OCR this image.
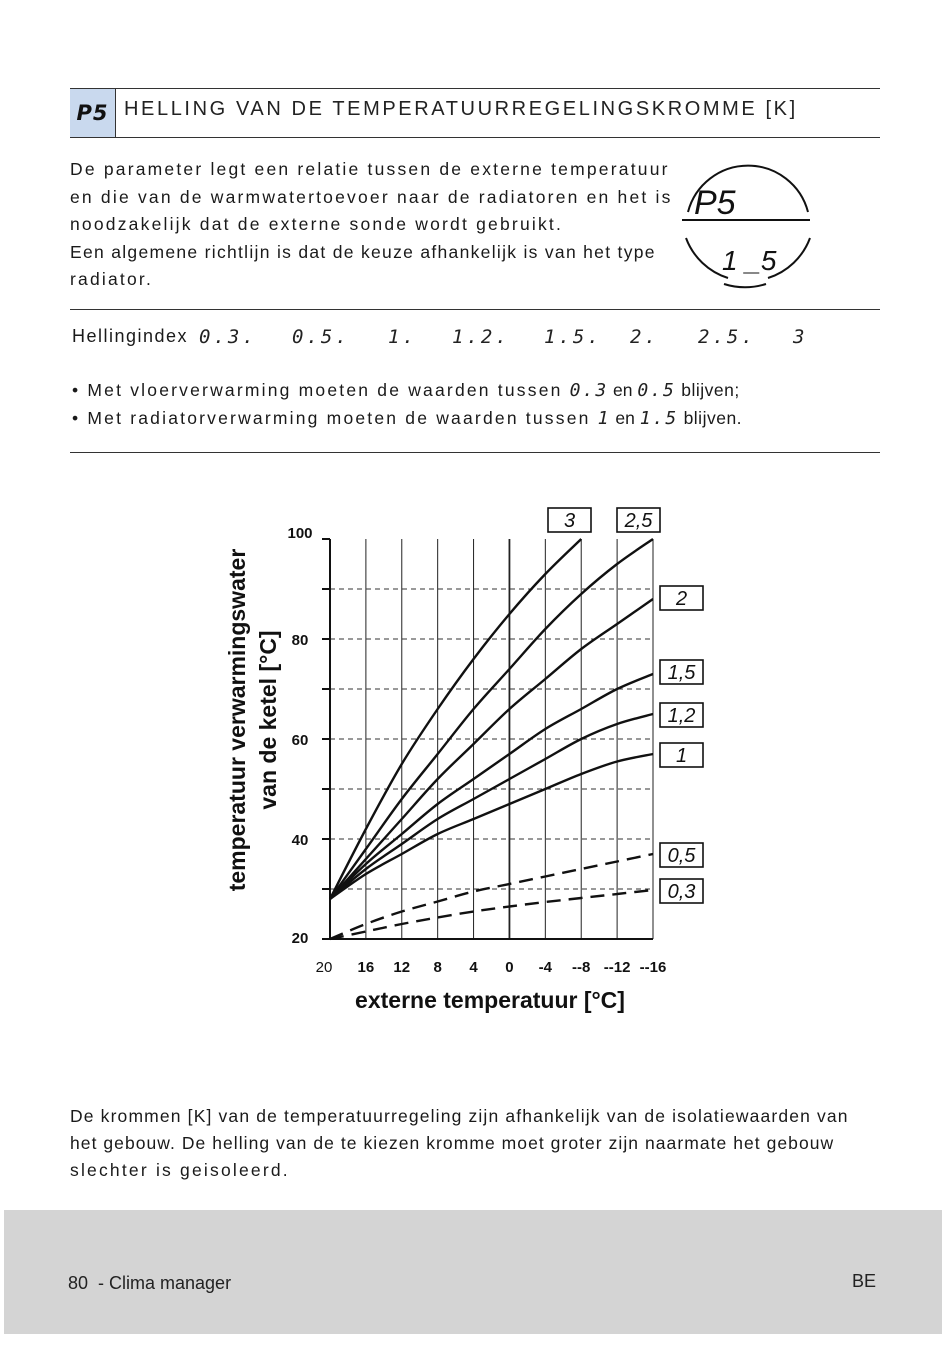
P5 HELLING VAN DE TEMPERATUURREGELINGSKROMME [K]

De parameter legt een relatie tussen de externe temperatuur

en die van de warmwatertoevoer naar de radiatoren en het is

noodzakelijk dat de externe sonde wordt gebruikt.

Een algemene richtlijn is dat de keuze afhankelijk is van het type

radiator.

P5
1 _5
Hellingindex 0.3. 0.5. 1. 1.2. 1.5. 2. 2.5. 3
• Met vloerverwarming moeten de waarden tussen 0.3 en 0.5 blijven;
• Met radiatorverwarming moeten de waarden tussen 1 en 1.5 blijven.
100
80
60
40
20
20 16 12 8 4 0 -4 --8 --12 --16
externe temperatuur [°C]
temperatuur verwarmingswater van de ketel [°C]
3 2,5
2
1,5
1,2
1
0,5
0,3

De krommen [K] van de temperatuurregeling zijn afhankelijk van de isolatiewaarden van

het gebouw. De helling van de te kiezen kromme moet groter zijn naarmate het gebouw

slechter is geisoleerd.

80  - Clima manager	BE
